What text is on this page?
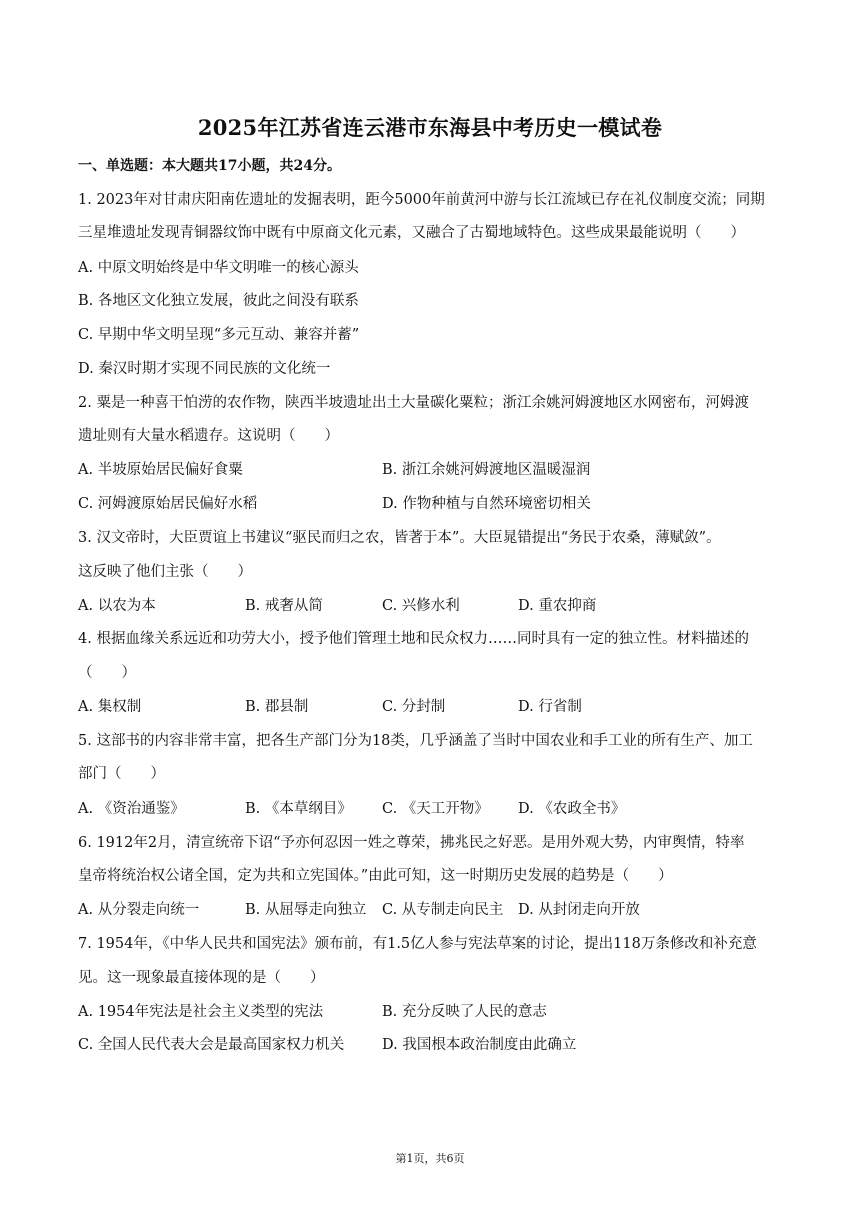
2025年江苏省连云港市东海县中考历史一模试卷
一、单选题：本大题共17小题，共24分。
1. 2023年对甘肃庆阳南佐遗址的发掘表明，距今5000年前黄河中游与长江流域已存在礼仪制度交流；同期
三星堆遗址发现青铜器纹饰中既有中原商文化元素，又融合了古蜀地域特色。这些成果最能说明（　　）
A. 中原文明始终是中华文明唯一的核心源头
B. 各地区文化独立发展，彼此之间没有联系
C. 早期中华文明呈现“多元互动、兼容并蓄”
D. 秦汉时期才实现不同民族的文化统一
2. 粟是一种喜干怕涝的农作物，陕西半坡遗址出土大量碳化粟粒；浙江余姚河姆渡地区水网密布，河姆渡
遗址则有大量水稻遗存。这说明（　　）
A. 半坡原始居民偏好食粟	B. 浙江余姚河姆渡地区温暖湿润
C. 河姆渡原始居民偏好水稻	D. 作物种植与自然环境密切相关
3. 汉文帝时，大臣贾谊上书建议“驱民而归之农，皆著于本”。大臣晁错提出“务民于农桑，薄赋敛”。
这反映了他们主张（　　）
A. 以农为本	B. 戒奢从简	C. 兴修水利	D. 重农抑商
4. 根据血缘关系远近和功劳大小，授予他们管理土地和民众权力……同时具有一定的独立性。材料描述的
（　　）
A. 集权制	B. 郡县制	C. 分封制	D. 行省制
5. 这部书的内容非常丰富，把各生产部门分为18类，几乎涵盖了当时中国农业和手工业的所有生产、加工
部门（　　）
A. 《资治通鉴》	B. 《本草纲目》 C. 《天工开物》 D. 《农政全书》
6. 1912年2月，清宣统帝下诏“予亦何忍因一姓之尊荣，拂兆民之好恶。是用外观大势，内审舆情，特率
皇帝将统治权公诸全国，定为共和立宪国体。”由此可知，这一时期历史发展的趋势是（　　）
A. 从分裂走向统一	B. 从屈辱走向独立 C. 从专制走向民主 D. 从封闭走向开放
7. 1954年，《中华人民共和国宪法》颁布前，有1.5亿人参与宪法草案的讨论，提出118万条修改和补充意
见。这一现象最直接体现的是（　　）
A. 1954年宪法是社会主义类型的宪法	B. 充分反映了人民的意志
C. 全国人民代表大会是最高国家权力机关	D. 我国根本政治制度由此确立
第1页，共6页
